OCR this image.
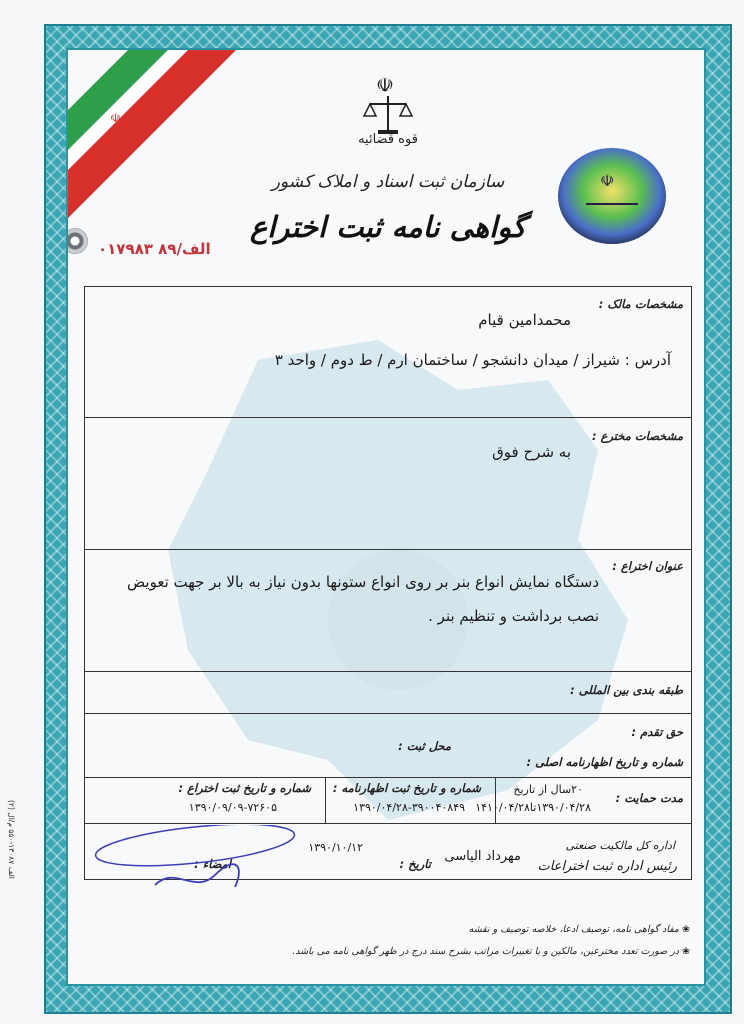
☫
☫
قوه قضائیه
سازمان ثبت اسناد و املاک کشور
گواهی نامه ثبت اختراع
الف/۸۹ ۰۱۷۹۸۳
☫
مشخصات مالک :
محمدامین قیام
آدرس : شیراز / میدان دانشجو / ساختمان ارم / ط دوم / واحد ۳
مشخصات مخترع :
به شرح فوق
عنوان اختراع :
دستگاه نمایش انواع بنر بر روی انواع ستونها بدون نیاز به بالا بر جهت تعویض
نصب برداشت و تنظیم بنر .
طبقه بندی بین المللی :
حق تقدم :
شماره و تاریخ اظهارنامه اصلی :
محل ثبت :
مدت حمایت :
۲۰سال از تاریخ
۱۳۹۰/۰۴/۲۸تا۱۴۱۰/۰۴/۲۸
شماره و تاریخ ثبت اظهارنامه :
۱۳۹۰/۰۴/۲۸-۳۹۰۰۴۰۸۴۹
شماره و تاریخ ثبت اختراع :
۱۳۹۰/۰۹/۰۹-۷۲۶۰۵
اداره کل مالکیت صنعتی
رئیس اداره ثبت اختراعات
مهرداد الیاسی
تاریخ :
۱۳۹۰/۱۰/۱۲
امضاء :
❀ مفاد گواهی نامه، توصیف ادعا، خلاصه توصیف و نقشه
❀ در صورت تعدد مخترعین، مالکین و یا تغییرات مراتب بشرح سند درج در ظهر گواهی نامه می باشد.
(۲) الف ۱۳۰۸۷-۵۵۰ م/ال
